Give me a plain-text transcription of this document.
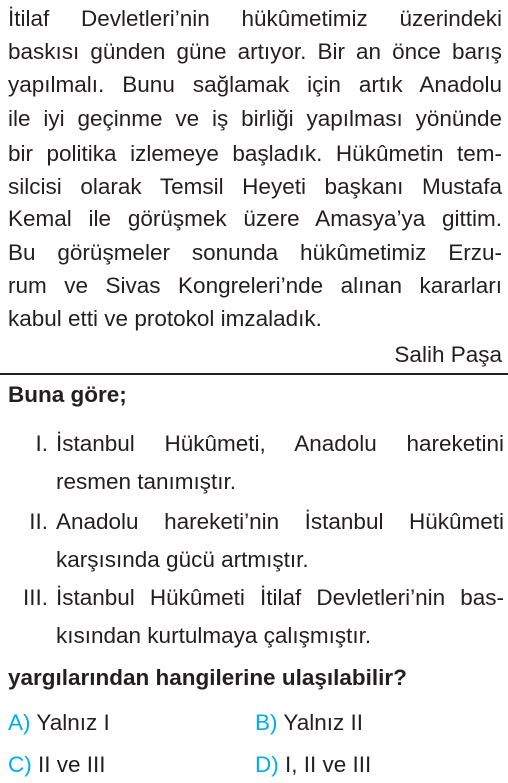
İtilaf Devletleri’nin hükûmetimiz üzerindeki
baskısı günden güne artıyor. Bir an önce barış
yapılmalı. Bunu sağlamak için artık Anadolu
ile iyi geçinme ve iş birliği yapılması yönünde
bir politika izlemeye başladık. Hükûmetin tem-
silcisi olarak Temsil Heyeti başkanı Mustafa
Kemal ile görüşmek üzere Amasya’ya gittim.
Bu görüşmeler sonunda hükûmetimiz Erzu-
rum ve Sivas Kongreleri’nde alınan kararları
kabul etti ve protokol imzaladık.
Salih Paşa
Buna göre;
I. İstanbul Hükûmeti, Anadolu hareketini
resmen tanımıştır.
II. Anadolu hareketi’nin İstanbul Hükûmeti
karşısında gücü artmıştır.
III. İstanbul Hükûmeti İtilaf Devletleri’nin bas-
kısından kurtulmaya çalışmıştır.
yargılarından hangilerine ulaşılabilir?
A) Yalnız I	B) Yalnız II
C) II ve III	D) I, II ve III
